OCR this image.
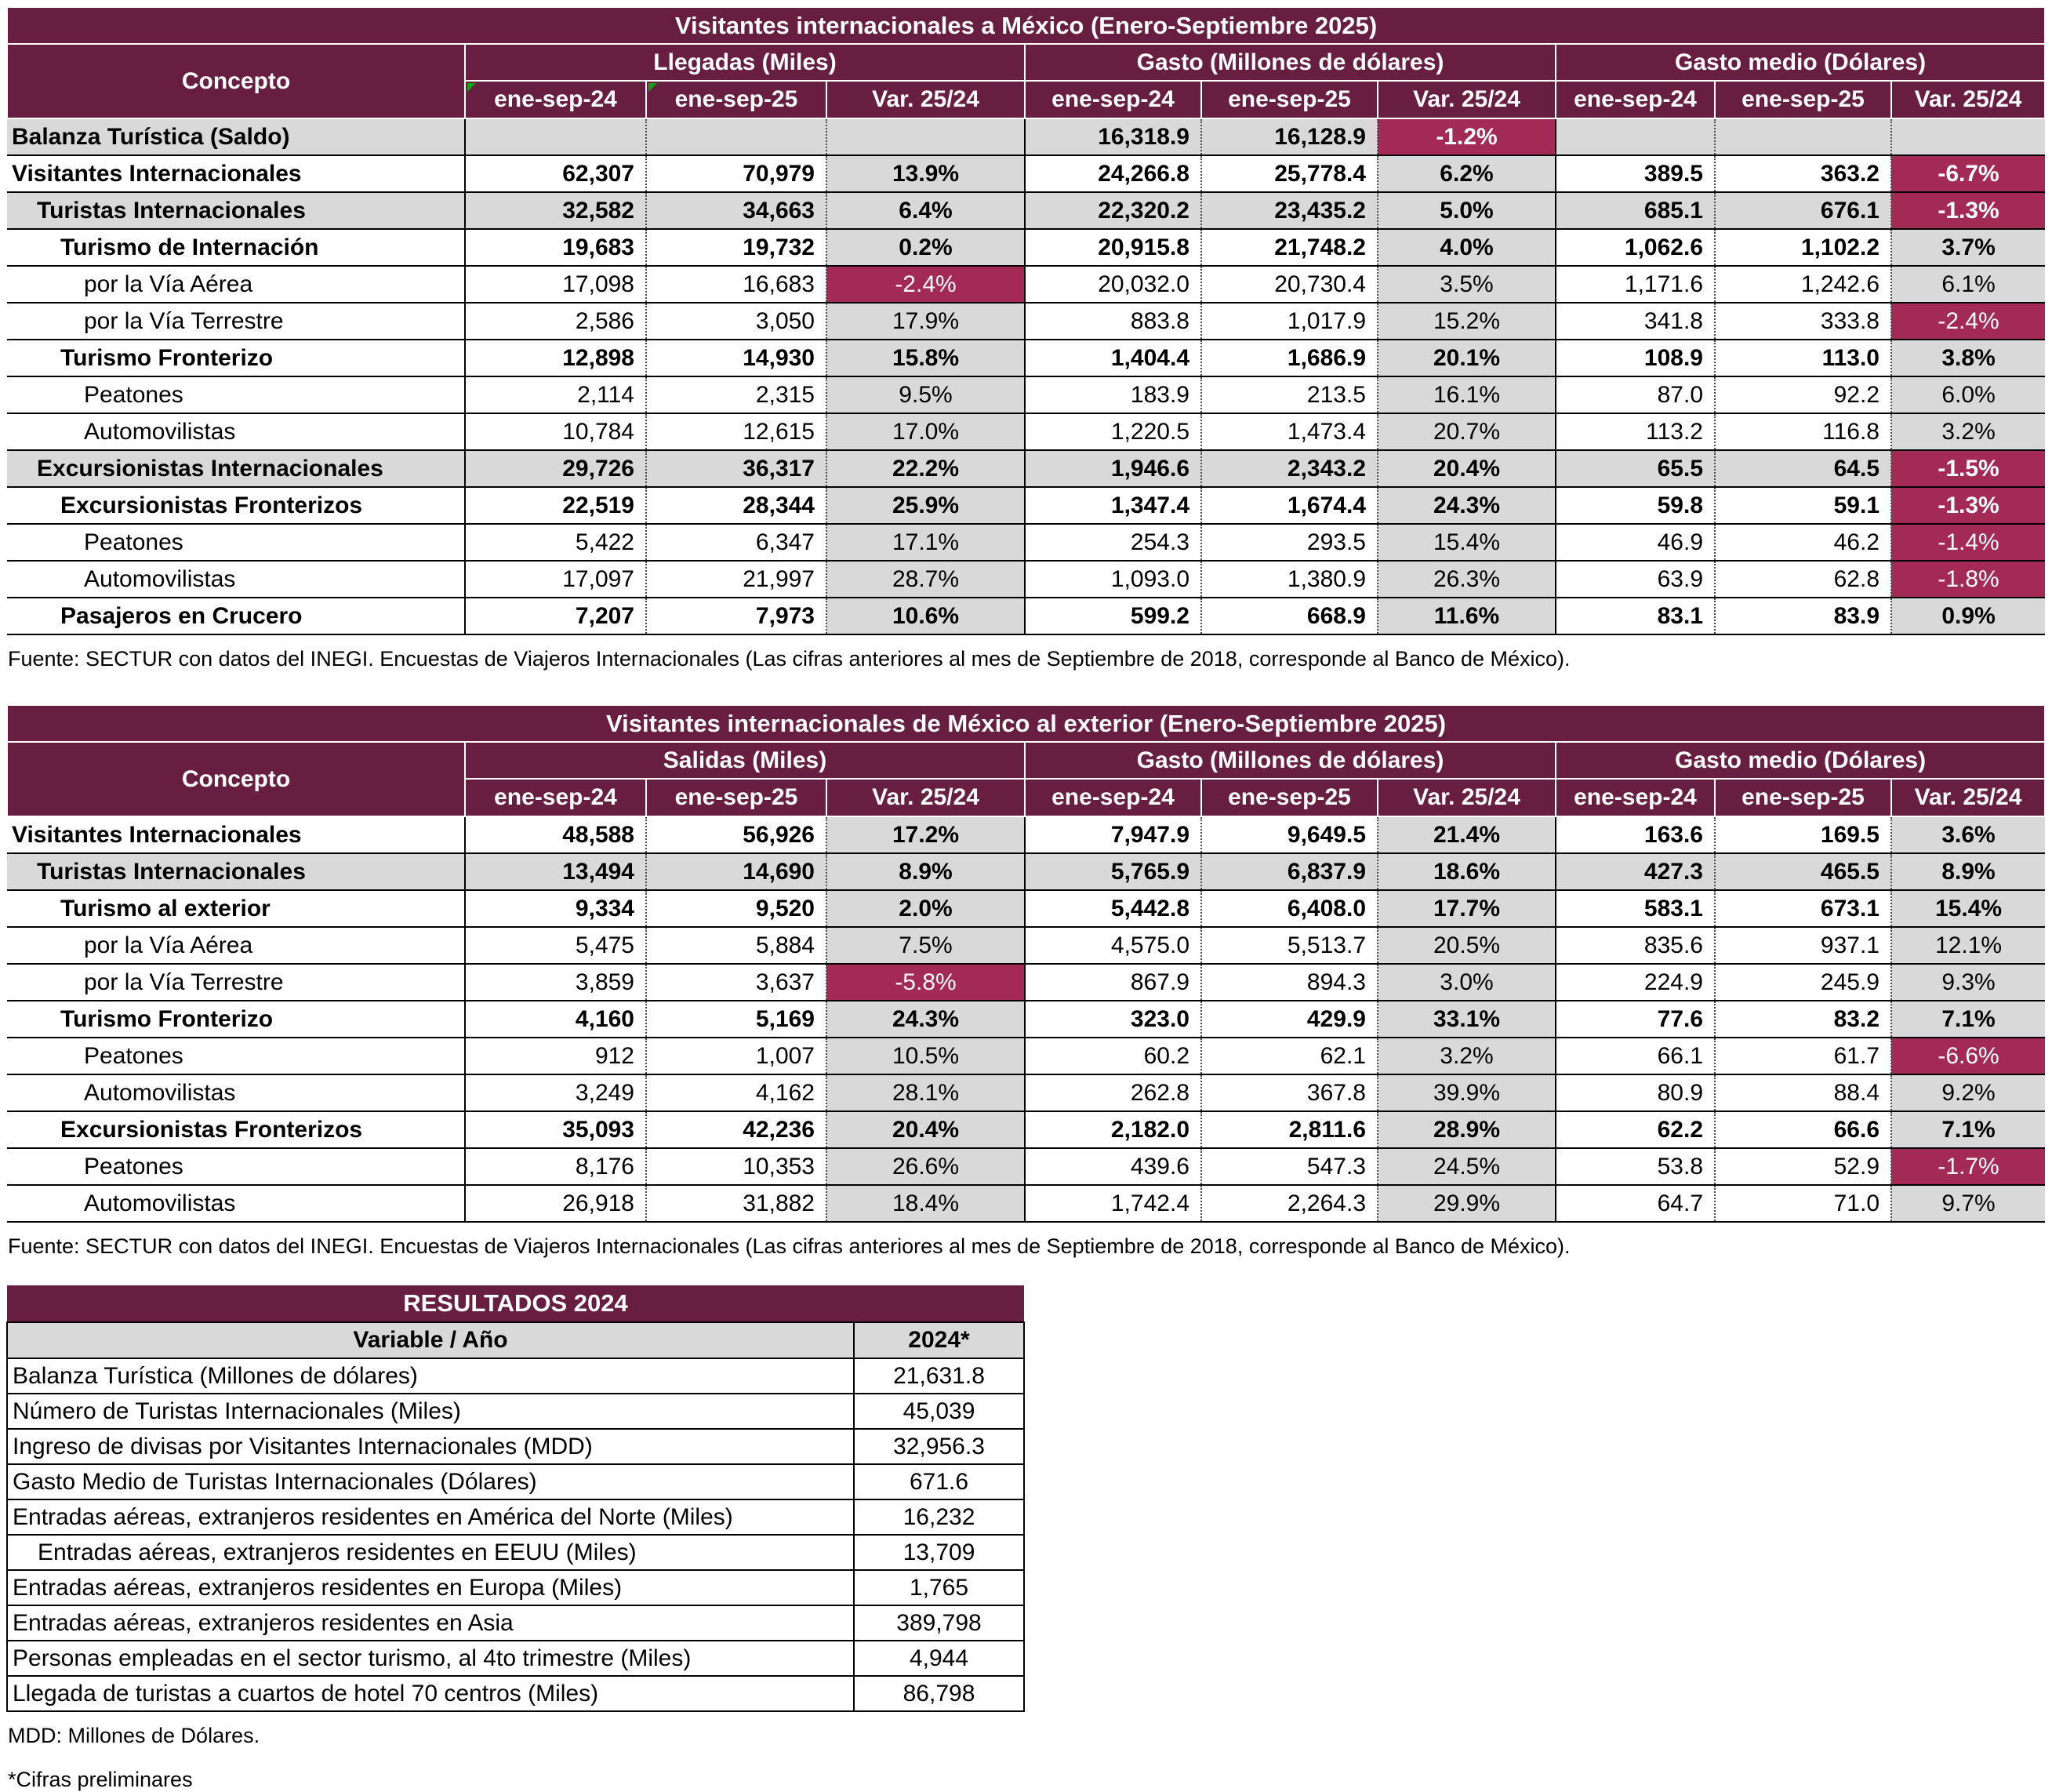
Visitantes internacionales a México (Enero-Septiembre 2025)									
Concepto	Llegadas (Miles)			Gasto (Millones de dólares)			Gasto medio (Dólares)		
	ene-sep-24	ene-sep-25	Var. 25/24	ene-sep-24	ene-sep-25	Var. 25/24	ene-sep-24	ene-sep-25	Var. 25/24
Balanza Turística (Saldo)				16,318.9	16,128.9	-1.2%			
Visitantes Internacionales	62,307	70,979	13.9%	24,266.8	25,778.4	6.2%	389.5	363.2	-6.7%
Turistas Internacionales	32,582	34,663	6.4%	22,320.2	23,435.2	5.0%	685.1	676.1	-1.3%
Turismo de Internación	19,683	19,732	0.2%	20,915.8	21,748.2	4.0%	1,062.6	1,102.2	3.7%
por la Vía Aérea	17,098	16,683	-2.4%	20,032.0	20,730.4	3.5%	1,171.6	1,242.6	6.1%
por la Vía Terrestre	2,586	3,050	17.9%	883.8	1,017.9	15.2%	341.8	333.8	-2.4%
Turismo Fronterizo	12,898	14,930	15.8%	1,404.4	1,686.9	20.1%	108.9	113.0	3.8%
Peatones	2,114	2,315	9.5%	183.9	213.5	16.1%	87.0	92.2	6.0%
Automovilistas	10,784	12,615	17.0%	1,220.5	1,473.4	20.7%	113.2	116.8	3.2%
Excursionistas Internacionales	29,726	36,317	22.2%	1,946.6	2,343.2	20.4%	65.5	64.5	-1.5%
Excursionistas Fronterizos	22,519	28,344	25.9%	1,347.4	1,674.4	24.3%	59.8	59.1	-1.3%
Peatones	5,422	6,347	17.1%	254.3	293.5	15.4%	46.9	46.2	-1.4%
Automovilistas	17,097	21,997	28.7%	1,093.0	1,380.9	26.3%	63.9	62.8	-1.8%
Pasajeros en Crucero	7,207	7,973	10.6%	599.2	668.9	11.6%	83.1	83.9	0.9%

Fuente: SECTUR con datos del INEGI. Encuestas de Viajeros Internacionales (Las cifras anteriores al mes de Septiembre de 2018, corresponde al Banco de México).

Visitantes internacionales de México al exterior (Enero-Septiembre 2025)									
Concepto	Salidas (Miles)			Gasto (Millones de dólares)			Gasto medio (Dólares)		
	ene-sep-24	ene-sep-25	Var. 25/24	ene-sep-24	ene-sep-25	Var. 25/24	ene-sep-24	ene-sep-25	Var. 25/24
Visitantes Internacionales	48,588	56,926	17.2%	7,947.9	9,649.5	21.4%	163.6	169.5	3.6%
Turistas Internacionales	13,494	14,690	8.9%	5,765.9	6,837.9	18.6%	427.3	465.5	8.9%
Turismo al exterior	9,334	9,520	2.0%	5,442.8	6,408.0	17.7%	583.1	673.1	15.4%
por la Vía Aérea	5,475	5,884	7.5%	4,575.0	5,513.7	20.5%	835.6	937.1	12.1%
por la Vía Terrestre	3,859	3,637	-5.8%	867.9	894.3	3.0%	224.9	245.9	9.3%
Turismo Fronterizo	4,160	5,169	24.3%	323.0	429.9	33.1%	77.6	83.2	7.1%
Peatones	912	1,007	10.5%	60.2	62.1	3.2%	66.1	61.7	-6.6%
Automovilistas	3,249	4,162	28.1%	262.8	367.8	39.9%	80.9	88.4	9.2%
Excursionistas Fronterizos	35,093	42,236	20.4%	2,182.0	2,811.6	28.9%	62.2	66.6	7.1%
Peatones	8,176	10,353	26.6%	439.6	547.3	24.5%	53.8	52.9	-1.7%
Automovilistas	26,918	31,882	18.4%	1,742.4	2,264.3	29.9%	64.7	71.0	9.7%

Fuente: SECTUR con datos del INEGI. Encuestas de Viajeros Internacionales (Las cifras anteriores al mes de Septiembre de 2018, corresponde al Banco de México).

RESULTADOS 2024	
Variable / Año	2024*
Balanza Turística (Millones de dólares)	21,631.8
Número de Turistas Internacionales (Miles)	45,039
Ingreso de divisas por Visitantes Internacionales (MDD)	32,956.3
Gasto Medio de Turistas Internacionales (Dólares)	671.6
Entradas aéreas, extranjeros residentes en América del Norte (Miles)	16,232
Entradas aéreas, extranjeros residentes en EEUU (Miles)	13,709
Entradas aéreas, extranjeros residentes en Europa (Miles)	1,765
Entradas aéreas, extranjeros residentes en Asia	389,798
Personas empleadas en el sector turismo, al 4to trimestre (Miles)	4,944
Llegada de turistas a cuartos de hotel 70 centros (Miles)	86,798

MDD: Millones de Dólares.

*Cifras preliminares
